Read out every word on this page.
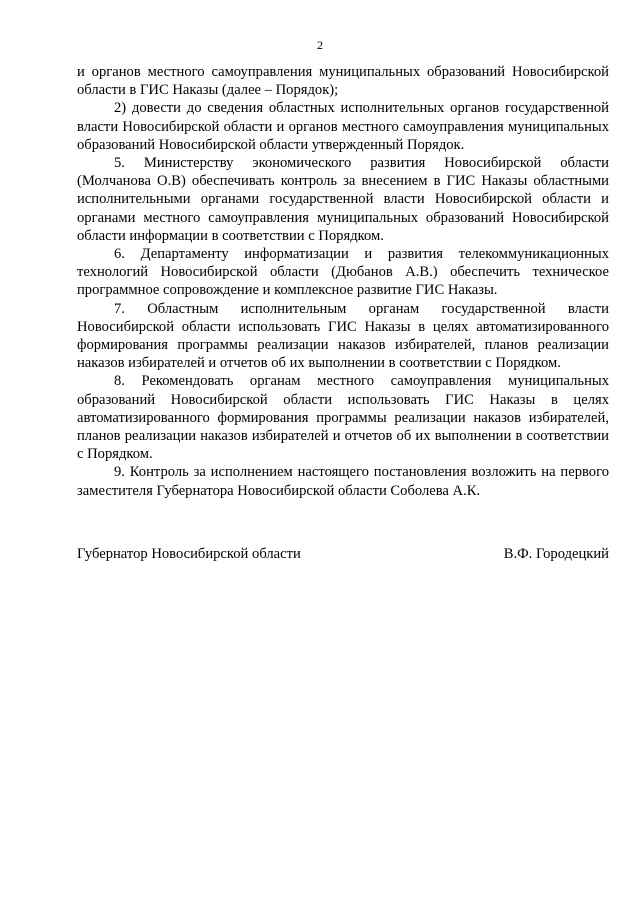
2

и органов местного самоуправления муниципальных образований Новосибирской области в ГИС Наказы (далее – Порядок);

2) довести до сведения областных исполнительных органов государственной власти Новосибирской области и органов местного самоуправления муниципальных образований Новосибирской области утвержденный Порядок.

5. Министерству экономического развития Новосибирской области (Молчанова О.В) обеспечивать контроль за внесением в ГИС Наказы областными исполнительными органами государственной власти Новосибирской области и органами местного самоуправления муниципальных образований Новосибирской области информации в соответствии с Порядком.

6. Департаменту информатизации и развития телекоммуникационных технологий Новосибирской области (Дюбанов А.В.) обеспечить техническое программное сопровождение и комплексное развитие ГИС Наказы.

7. Областным исполнительным органам государственной власти Новосибирской области использовать ГИС Наказы в целях автоматизированного формирования программы реализации наказов избирателей, планов реализации наказов избирателей и отчетов об их выполнении в соответствии с Порядком.

8. Рекомендовать органам местного самоуправления муниципальных образований Новосибирской области использовать ГИС Наказы в целях автоматизированного формирования программы реализации наказов избирателей, планов реализации наказов избирателей и отчетов об их выполнении в соответствии с Порядком.

9. Контроль за исполнением настоящего постановления возложить на первого заместителя Губернатора Новосибирской области Соболева А.К.

Губернатор Новосибирской области	В.Ф. Городецкий
